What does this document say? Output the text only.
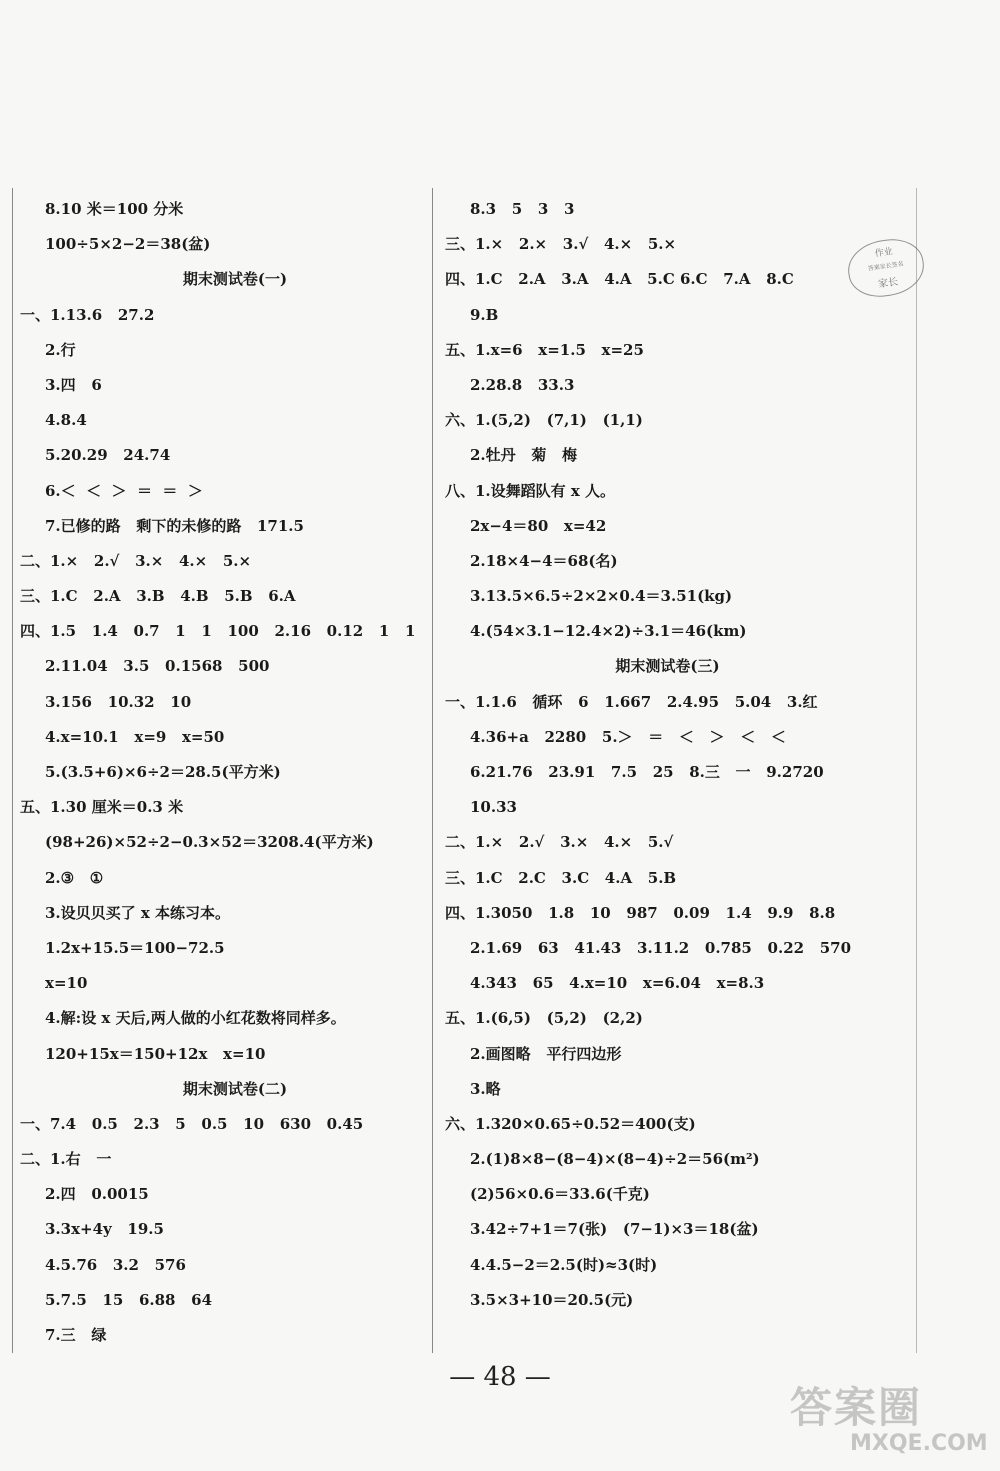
8.10 米＝100 分米
100÷5×2−2＝38(盆)
期末测试卷(一)
一、1.13.6   27.2
2.行
3.四   6
4.8.4
5.20.29   24.74
6.＜  ＜  ＞  ＝  ＝  ＞
7.已修的路   剩下的未修的路   171.5
二、1.×   2.√   3.×   4.×   5.×
三、1.C   2.A   3.B   4.B   5.B   6.A
四、1.5   1.4   0.7   1   1   100   2.16   0.12   1   1
2.11.04   3.5   0.1568   500
3.156   10.32   10
4.x=10.1   x=9   x=50
5.(3.5+6)×6÷2＝28.5(平方米)
五、1.30 厘米＝0.3 米
(98+26)×52÷2−0.3×52＝3208.4(平方米)
2.③   ①
3.设贝贝买了 x 本练习本。
1.2x+15.5＝100−72.5
x=10
4.解:设 x 天后,两人做的小红花数将同样多。
120+15x＝150+12x   x=10
期末测试卷(二)
一、7.4   0.5   2.3   5   0.5   10   630   0.45
二、1.右   一
2.四   0.0015
3.3x+4y   19.5
4.5.76   3.2   576
5.7.5   15   6.88   64
7.三   绿
8.3   5   3   3
三、1.×   2.×   3.√   4.×   5.×
四、1.C   2.A   3.A   4.A   5.C 6.C   7.A   8.C
9.B
五、1.x=6   x=1.5   x=25
2.28.8   33.3
六、1.(5,2)   (7,1)   (1,1)
2.牡丹   菊   梅
八、1.设舞蹈队有 x 人。
2x−4＝80   x=42
2.18×4−4＝68(名)
3.13.5×6.5÷2×2×0.4＝3.51(kg)
4.(54×3.1−12.4×2)÷3.1＝46(km)
期末测试卷(三)
一、1.1.6   循环   6   1.667   2.4.95   5.04   3.红
4.36+a   2280   5.＞   ＝   ＜   ＞   ＜   ＜
6.21.76   23.91   7.5   25   8.三   一   9.2720
10.33
二、1.×   2.√   3.×   4.×   5.√
三、1.C   2.C   3.C   4.A   5.B
四、1.3050   1.8   10   987   0.09   1.4   9.9   8.8
2.1.69   63   41.43   3.11.2   0.785   0.22   570
4.343   65   4.x=10   x=6.04   x=8.3
五、1.(6,5)   (5,2)   (2,2)
2.画图略   平行四边形
3.略
六、1.320×0.65÷0.52＝400(支)
2.(1)8×8−(8−4)×(8−4)÷2＝56(m²)
(2)56×0.6＝33.6(千克)
3.42÷7+1＝7(张)   (7−1)×3＝18(盆)
4.4.5−2＝2.5(时)≈3(时)
3.5×3+10＝20.5(元)
作业
答案家长签名
家长
— 48 —
答案圈
MXQE.COM
